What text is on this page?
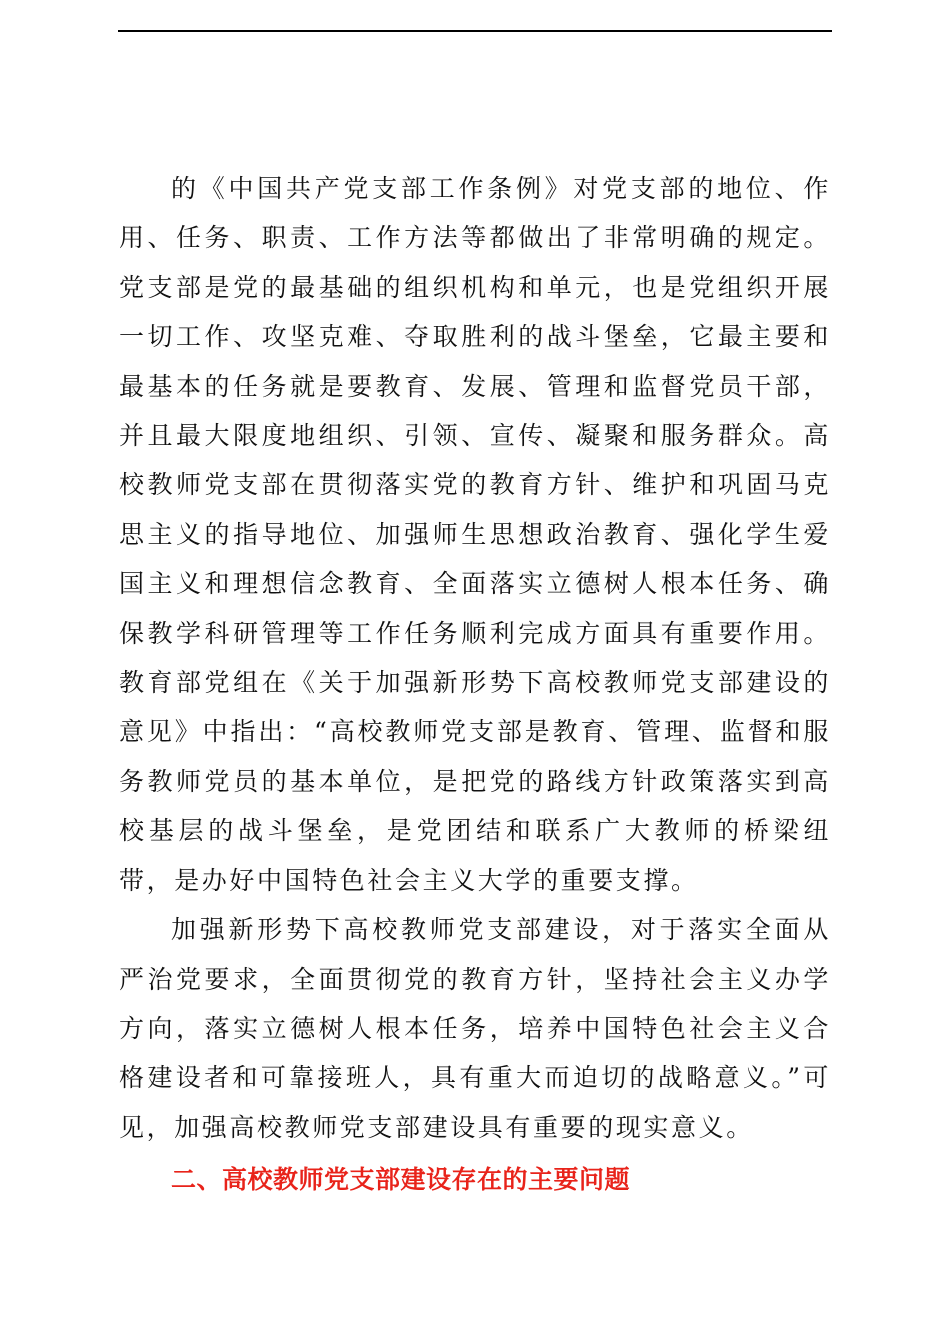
的《中国共产党支部工作条例》对党支部的地位、作用、任务、职责、工作方法等都做出了非常明确的规定。党支部是党的最基础的组织机构和单元，也是党组织开展一切工作、攻坚克难、夺取胜利的战斗堡垒，它最主要和最基本的任务就是要教育、发展、管理和监督党员干部，并且最大限度地组织、引领、宣传、凝聚和服务群众。高校教师党支部在贯彻落实党的教育方针、维护和巩固马克思主义的指导地位、加强师生思想政治教育、强化学生爱国主义和理想信念教育、全面落实立德树人根本任务、确保教学科研管理等工作任务顺利完成方面具有重要作用。教育部党组在《关于加强新形势下高校教师党支部建设的意见》中指出：“高校教师党支部是教育、管理、监督和服务教师党员的基本单位，是把党的路线方针政策落实到高校基层的战斗堡垒，是党团结和联系广大教师的桥梁纽带，是办好中国特色社会主义大学的重要支撑。

加强新形势下高校教师党支部建设，对于落实全面从严治党要求，全面贯彻党的教育方针，坚持社会主义办学方向，落实立德树人根本任务，培养中国特色社会主义合格建设者和可靠接班人，具有重大而迫切的战略意义。”可见，加强高校教师党支部建设具有重要的现实意义。

二、高校教师党支部建设存在的主要问题
